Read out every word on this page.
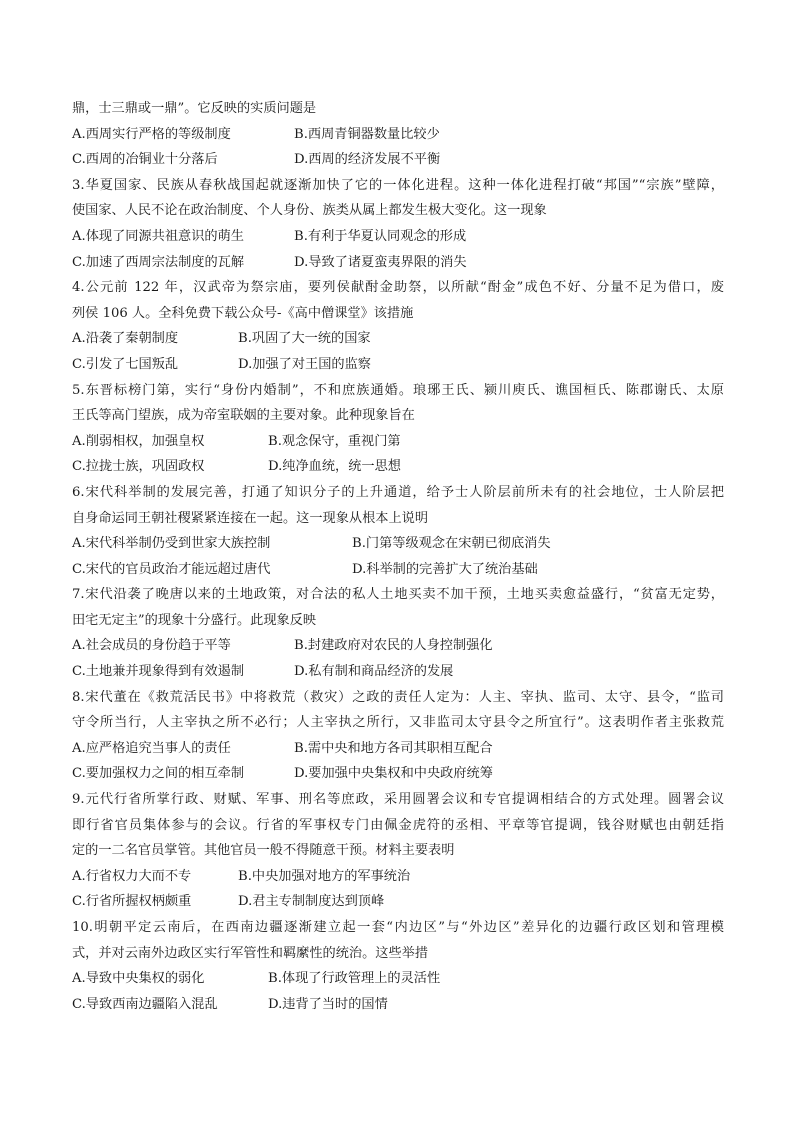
鼎，士三鼎或一鼎”。它反映的实质问题是
A.西周实行严格的等级制度	B.西周青铜器数量比较少
C.西周的冶铜业十分落后	D.西周的经济发展不平衡
3.华夏国家、民族从春秋战国起就逐渐加快了它的一体化进程。这种一体化进程打破“邦国”“宗族”壁障，
使国家、人民不论在政治制度、个人身份、族类从属上都发生极大变化。这一现象
A.体现了同源共祖意识的萌生	B.有利于华夏认同观念的形成
C.加速了西周宗法制度的瓦解	D.导致了诸夏蛮夷界限的消失
4.公元前 122 年，汉武帝为祭宗庙，要列侯献酎金助祭，以所献“酎金”成色不好、分量不足为借口，废
列侯 106 人。全科免费下载公众号-《高中僧课堂》该措施
A.沿袭了秦朝制度	B.巩固了大一统的国家
C.引发了七国叛乱	D.加强了对王国的监察
5.东晋标榜门第，实行“身份内婚制”，不和庶族通婚。琅琊王氏、颍川庾氏、谯国桓氏、陈郡谢氏、太原
王氏等高门望族，成为帝室联姻的主要对象。此种现象旨在
A.削弱相权，加强皇权	B.观念保守，重视门第
C.拉拢士族，巩固政权	D.纯净血统，统一思想
6.宋代科举制的发展完善，打通了知识分子的上升通道，给予士人阶层前所未有的社会地位，士人阶层把
自身命运同王朝社稷紧紧连接在一起。这一现象从根本上说明
A.宋代科举制仍受到世家大族控制	B.门第等级观念在宋朝已彻底消失
C.宋代的官员政治才能远超过唐代	D.科举制的完善扩大了统治基础
7.宋代沿袭了晚唐以来的土地政策，对合法的私人土地买卖不加干预，土地买卖愈益盛行，“贫富无定势，
田宅无定主”的现象十分盛行。此现象反映
A.社会成员的身份趋于平等	B.封建政府对农民的人身控制强化
C.土地兼并现象得到有效遏制	D.私有制和商品经济的发展
8.宋代董在《救荒活民书》中将救荒（救灾）之政的责任人定为：人主、宰执、监司、太守、县令，“监司
守令所当行，人主宰执之所不必行；人主宰执之所行，又非监司太守县令之所宜行”。这表明作者主张救荒
A.应严格追究当事人的责任	B.需中央和地方各司其职相互配合
C.要加强权力之间的相互牵制	D.要加强中央集权和中央政府统筹
9.元代行省所掌行政、财赋、军事、刑名等庶政，采用圆署会议和专官提调相结合的方式处理。圆署会议
即行省官员集体参与的会议。行省的军事权专门由佩金虎符的丞相、平章等官提调，钱谷财赋也由朝廷指
定的一二名官员掌管。其他官员一般不得随意干预。材料主要表明
A.行省权力大而不专	B.中央加强对地方的军事统治
C.行省所握权柄颇重	D.君主专制制度达到顶峰
10.明朝平定云南后，在西南边疆逐渐建立起一套“内边区”与“外边区”差异化的边疆行政区划和管理模
式，并对云南外边政区实行军管性和羁縻性的统治。这些举措
A.导致中央集权的弱化	B.体现了行政管理上的灵活性
C.导致西南边疆陷入混乱	D.违背了当时的国情
